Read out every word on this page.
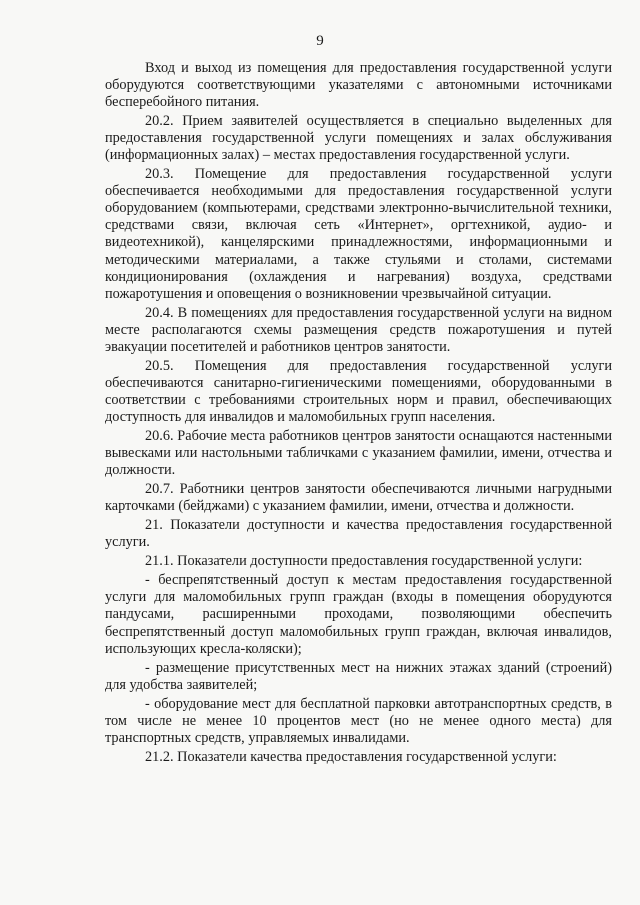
9

Вход и выход из помещения для предоставления государственной услуги оборудуются соответствующими указателями с автономными источниками бесперебойного питания.

20.2. Прием заявителей осуществляется в специально выделенных для предоставления государственной услуги помещениях и залах обслуживания (информационных залах) – местах предоставления государственной услуги.

20.3. Помещение для предоставления государственной услуги обеспечивается необходимыми для предоставления государственной услуги оборудованием (компьютерами, средствами электронно-вычислительной техники, средствами связи, включая сеть «Интернет», оргтехникой, аудио- и видеотехникой), канцелярскими принадлежностями, информационными и методическими материалами, а также стульями и столами, системами кондиционирования (охлаждения и нагревания) воздуха, средствами пожаротушения и оповещения о возникновении чрезвычайной ситуации.

20.4. В помещениях для предоставления государственной услуги на видном месте располагаются схемы размещения средств пожаротушения и путей эвакуации посетителей и работников центров занятости.

20.5. Помещения для предоставления государственной услуги обеспечиваются санитарно-гигиеническими помещениями, оборудованными в соответствии с требованиями строительных норм и правил, обеспечивающих доступность для инвалидов и маломобильных групп населения.

20.6. Рабочие места работников центров занятости оснащаются настенными вывесками или настольными табличками с указанием фамилии, имени, отчества и должности.

20.7. Работники центров занятости обеспечиваются личными нагрудными карточками (бейджами) с указанием фамилии, имени, отчества и должности.

21. Показатели доступности и качества предоставления государственной услуги.

21.1. Показатели доступности предоставления государственной услуги:

- беспрепятственный доступ к местам предоставления государственной услуги для маломобильных групп граждан (входы в помещения оборудуются пандусами, расширенными проходами, позволяющими обеспечить беспрепятственный доступ маломобильных групп граждан, включая инвалидов, использующих кресла-коляски);

- размещение присутственных мест на нижних этажах зданий (строений) для удобства заявителей;

- оборудование мест для бесплатной парковки автотранспортных средств, в том числе не менее 10 процентов мест (но не менее одного места) для транспортных средств, управляемых инвалидами.

21.2. Показатели качества предоставления государственной услуги:
